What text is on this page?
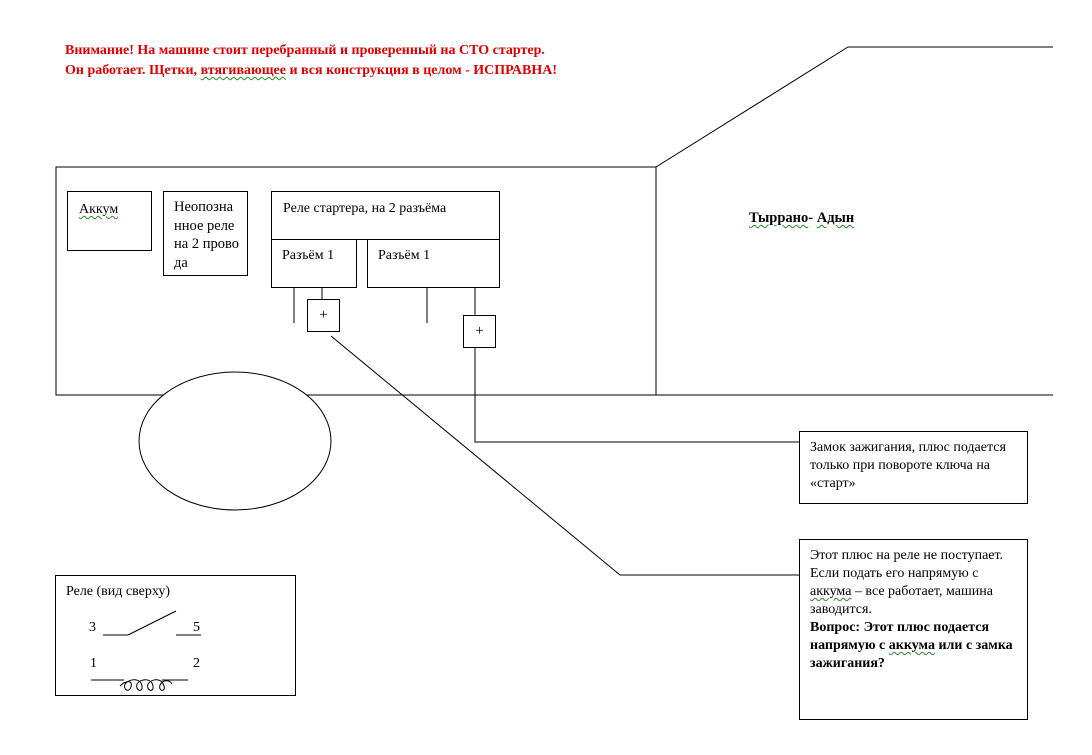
Внимание! На машине стоит перебранный и проверенный на СТО стартер.
Он работает. Щетки, втягивающее и вся конструкция в целом - ИСПРАВНА!
Тыррано- Адын
Аккум	Неопознанное реле на 2 провода
Реле стартера, на 2 разъёма
Разъём 1	Разъём 1
+
+
Замок зажигания, плюс подается только при повороте ключа на «старт»
Этот плюс на реле не поступает. Если подать его напрямую с аккума – все работает, машина заводится.
Вопрос: Этот плюс подается напрямую с аккума или с замка зажигания?
Реле (вид сверху)
3	5
1	2
